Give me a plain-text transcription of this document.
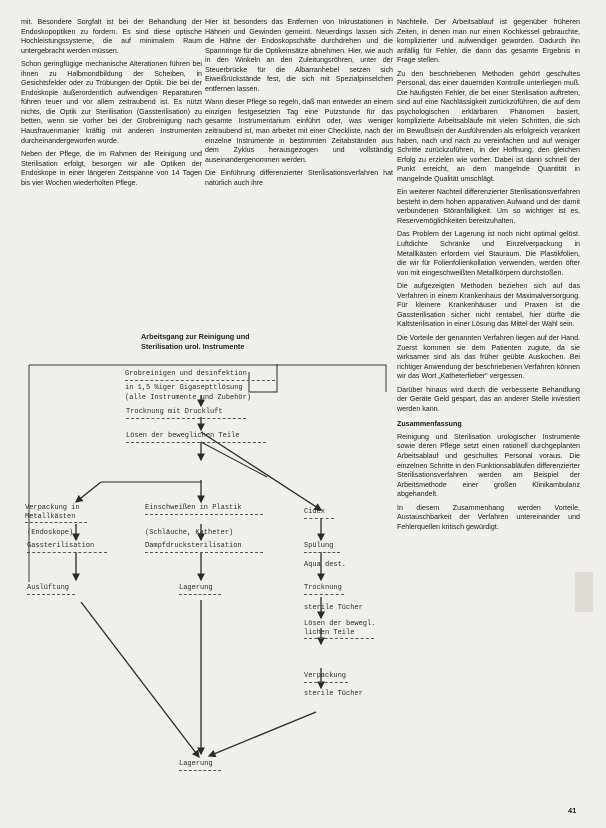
mit. Besondere Sorgfalt ist bei der Behandlung der Endoskopoptiken zu fordern. Es sind diese optische Hochleistungssysteme, die auf minimalem Raum untergebracht werden müssen.

Schon geringfügige mechanische Alterationen führen bei ihnen zu Halbmondbildung der Scheiben, in Gesichtsfelder oder zu Trübungen der Optik. Die bei der Endoskopie äußerordentlich aufwendigen Reparaturen führen teuer und vor allem zeitraubend ist. Es nützt nichts, die Optik zur Sterilisation (Gassterilisation) zu betten, wenn sie vorher bei der Grobreinigung nach Hausfrauenmanier kräftig mit anderen Instrumenten durcheinandergeworfen wurde.

Neben der Pflege, die im Rahmen der Reinigung und Sterilisation erfolgt, besorgen wir alle Optiken der Endoskope in einer längeren Zeitspanne von 14 Tagen bis vier Wochen wiederholten Pflege.

Hier ist besonders das Entfernen von Inkrustationen in Hähnen und Gewinden gemeint. Neuerdings lassen sich die Hähne der Endoskopschäfte durchdrehen und die Spannringe für die Optikeinsätze abnehmen. Hier, wie auch in den Winkeln an den Zuleitungsröhren, unter der Steuerbrücke für die Albarranhebel setzen sich Eiweißrückstände fest, die sich mit Spezialpinselchen entfernen lassen.

Wann dieser Pflege so regeln, daß man entweder an einem einzigen festgesetzten Tag eine Putzstunde für das gesamte Instrumentarium einführt oder, was weniger zeitraubend ist, man arbeitet mit einer Checkliste, nach der einzelne Instrumente in bestimmten Zeitabständen aus dem Zyklus herausgezogen und vollständig auseinandergenommen werden.

Die Einführung differenzierter Sterilisationsverfahren hat natürlich auch ihre

Nachteile. Der Arbeitsablauf ist gegenüber früheren Zeiten, in denen man nur einen Kochkessel gebrauchte, komplizierter und aufwendiger geworden. Dadurch ihn anfällig für Fehler, die dann das gesamte Ergebnis in Frage stellen.

Zu den beschriebenen Methoden gehört geschultes Personal, das einer dauernden Kontrolle unterliegen muß. Die häufigsten Fehler, die bei einer Sterilisation auftreten, sind auf eine Nachlässigkeit zurückzuführen, die auf dem psychologischen erklärbaren Phänomen basiert, komplizierte Arbeitsabläufe mit vielen Schritten, die sich im Bewußtsein der Ausführenden als erfolgreich verankert haben, nach und nach zu vereinfachen und auf weniger Schritte zurückzuführen, in der Hoffnung, den gleichen Erfolg zu erzielen wie vorher. Dabei ist dann schnell der Punkt erreicht, an dem mangelnde Quantität in mangelnde Qualität umschlägt.

Ein weiterer Nachteil differenzierter Sterilisationsverfahren besteht in dem hohen apparativen Aufwand und der damit verbundenen Störanfälligkeit. Um so wichtiger ist es, Reservemöglichkeiten bereitzuhalten.

Das Problem der Lagerung ist noch nicht optimal gelöst. Luftdichte Schränke und Einzelverpackung in Metallkästen erfordern viel Stauraum. Die Plastikfolien, die wir für Folienfolienkollation verwenden, werden öfter von mit eingeschweißten Metallkörpern durchstoßen.

Die aufgezeigten Methoden beziehen sich auf das Verfahren in einem Krankenhaus der Maximalversorgung. Für kleinere Krankenhäuser und Praxen ist die Gassterilisation sicher nicht rentabel, hier dürfte die Kaltsterilisation in einer Lösung das Mittel der Wahl sein.

Die Vorteile der genannten Verfahren liegen auf der Hand. Zuerst kommen sie dem Patienten zugute, da sie wirksamer sind als das früher geübte Auskochen. Bei richtiger Anwendung der beschriebenen Verfahren können wir das Wort „Katheterfieber" vergessen.

Darüber hinaus wird durch die verbesserte Behandlung der Geräte Geld gespart, das an anderer Stelle investiert werden kann.

Zusammenfassung

Reinigung und Sterilisation urologischer Instrumente sowie deren Pflege setzt einen rationell durchgeplanten Arbeitsablauf und geschultes Personal voraus. Die einzelnen Schritte in den Funktionsabläufen differenzierter Sterilisationsverfahren werden am Beispiel der Arbeitsmethode einer großen Klinikambulanz abgehandelt.

In diesem Zusammenhang werden Vorteile, Austauschbarkeit der Verfahren untereinander und Fehlerquellen kritisch gewürdigt.

Arbeitsgang zur Reinigung und
Sterilisation urol. Instrumente
Grobreinigen und desinfektion
in 1,5 %iger Gigasepttlösung
(alle Instrumente und Zubehör)
Trocknung mit Druckluft
Lösen der beweglichen Teile
Verpackung in
Metallkästen
(Endoskope)
Gassterilisation
Auslüftung
Einschweißen in Plastik
(Schläuche, Katheter)
Dampfdrucksterilisation
Lagerung
Cidex
Spülung
Aqua dest.
Trocknung
sterile Tücher
Lösen der bewegl.
lichen Teile
Verpackung
sterile Tücher
Lagerung
41
